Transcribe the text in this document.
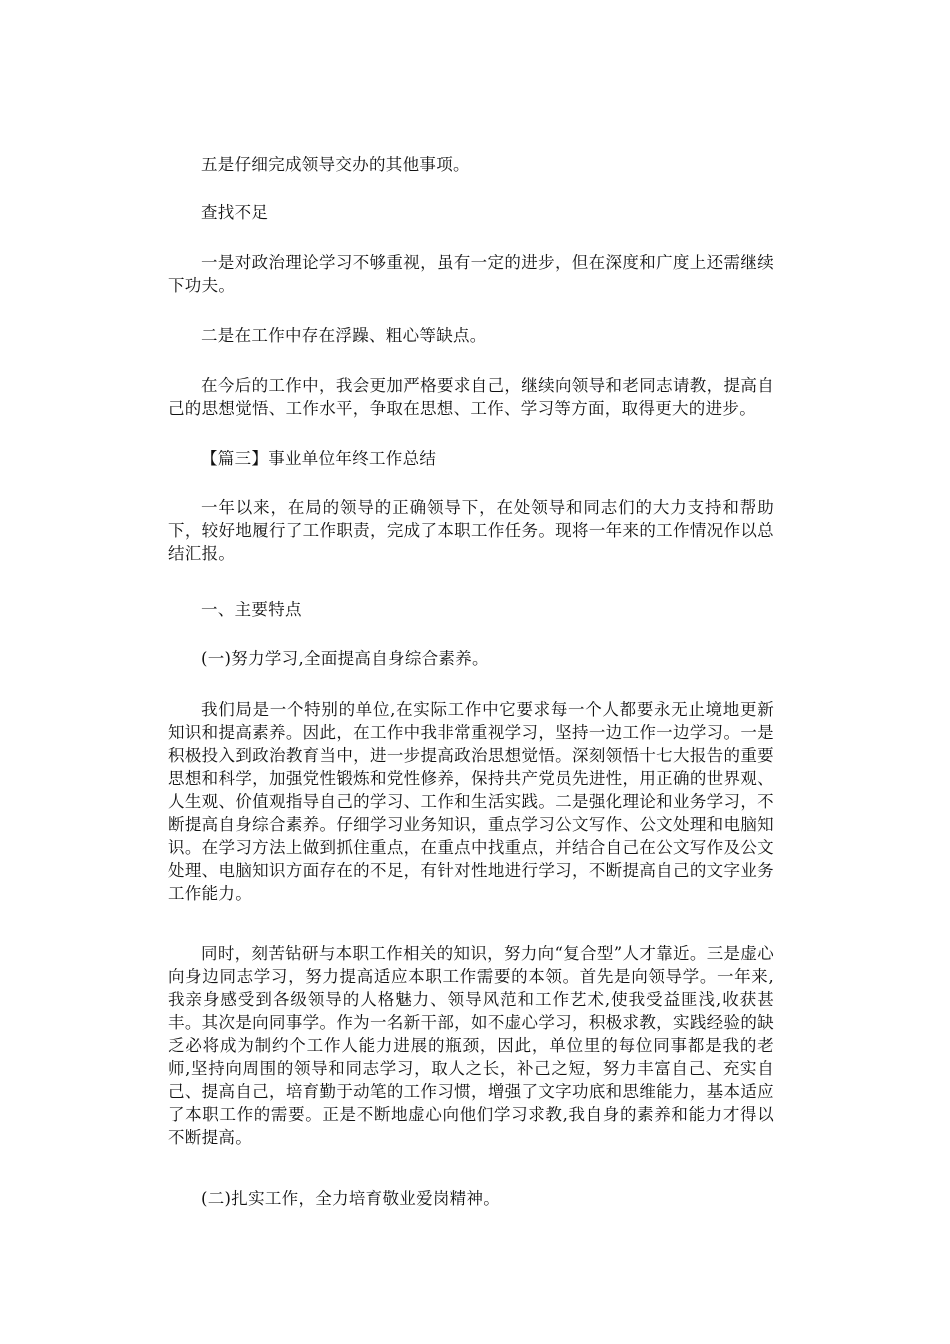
五是仔细完成领导交办的其他事项。

查找不足

一是对政治理论学习不够重视，虽有一定的进步，但在深度和广度上还需继续下功夫。

二是在工作中存在浮躁、粗心等缺点。

在今后的工作中，我会更加严格要求自己，继续向领导和老同志请教，提高自己的思想觉悟、工作水平，争取在思想、工作、学习等方面，取得更大的进步。

【篇三】事业单位年终工作总结

一年以来，在局的领导的正确领导下，在处领导和同志们的大力支持和帮助下，较好地履行了工作职责，完成了本职工作任务。现将一年来的工作情况作以总结汇报。

一、主要特点

(一)努力学习,全面提高自身综合素养。

我们局是一个特别的单位,在实际工作中它要求每一个人都要永无止境地更新知识和提高素养。因此，在工作中我非常重视学习，坚持一边工作一边学习。一是积极投入到政治教育当中，进一步提高政治思想觉悟。深刻领悟十七大报告的重要思想和科学，加强党性锻炼和党性修养，保持共产党员先进性，用正确的世界观、人生观、价值观指导自己的学习、工作和生活实践。二是强化理论和业务学习，不断提高自身综合素养。仔细学习业务知识，重点学习公文写作、公文处理和电脑知识。在学习方法上做到抓住重点，在重点中找重点，并结合自己在公文写作及公文处理、电脑知识方面存在的不足，有针对性地进行学习，不断提高自己的文字业务工作能力。

同时，刻苦钻研与本职工作相关的知识，努力向“复合型”人才靠近。三是虚心向身边同志学习，努力提高适应本职工作需要的本领。首先是向领导学。一年来,我亲身感受到各级领导的人格魅力、领导风范和工作艺术,使我受益匪浅,收获甚丰。其次是向同事学。作为一名新干部，如不虚心学习，积极求教，实践经验的缺乏必将成为制约个工作人能力进展的瓶颈，因此，单位里的每位同事都是我的老师,坚持向周围的领导和同志学习，取人之长，补己之短，努力丰富自己、充实自己、提高自己，培育勤于动笔的工作习惯，增强了文字功底和思维能力，基本适应了本职工作的需要。正是不断地虚心向他们学习求教,我自身的素养和能力才得以不断提高。

(二)扎实工作，全力培育敬业爱岗精神。
